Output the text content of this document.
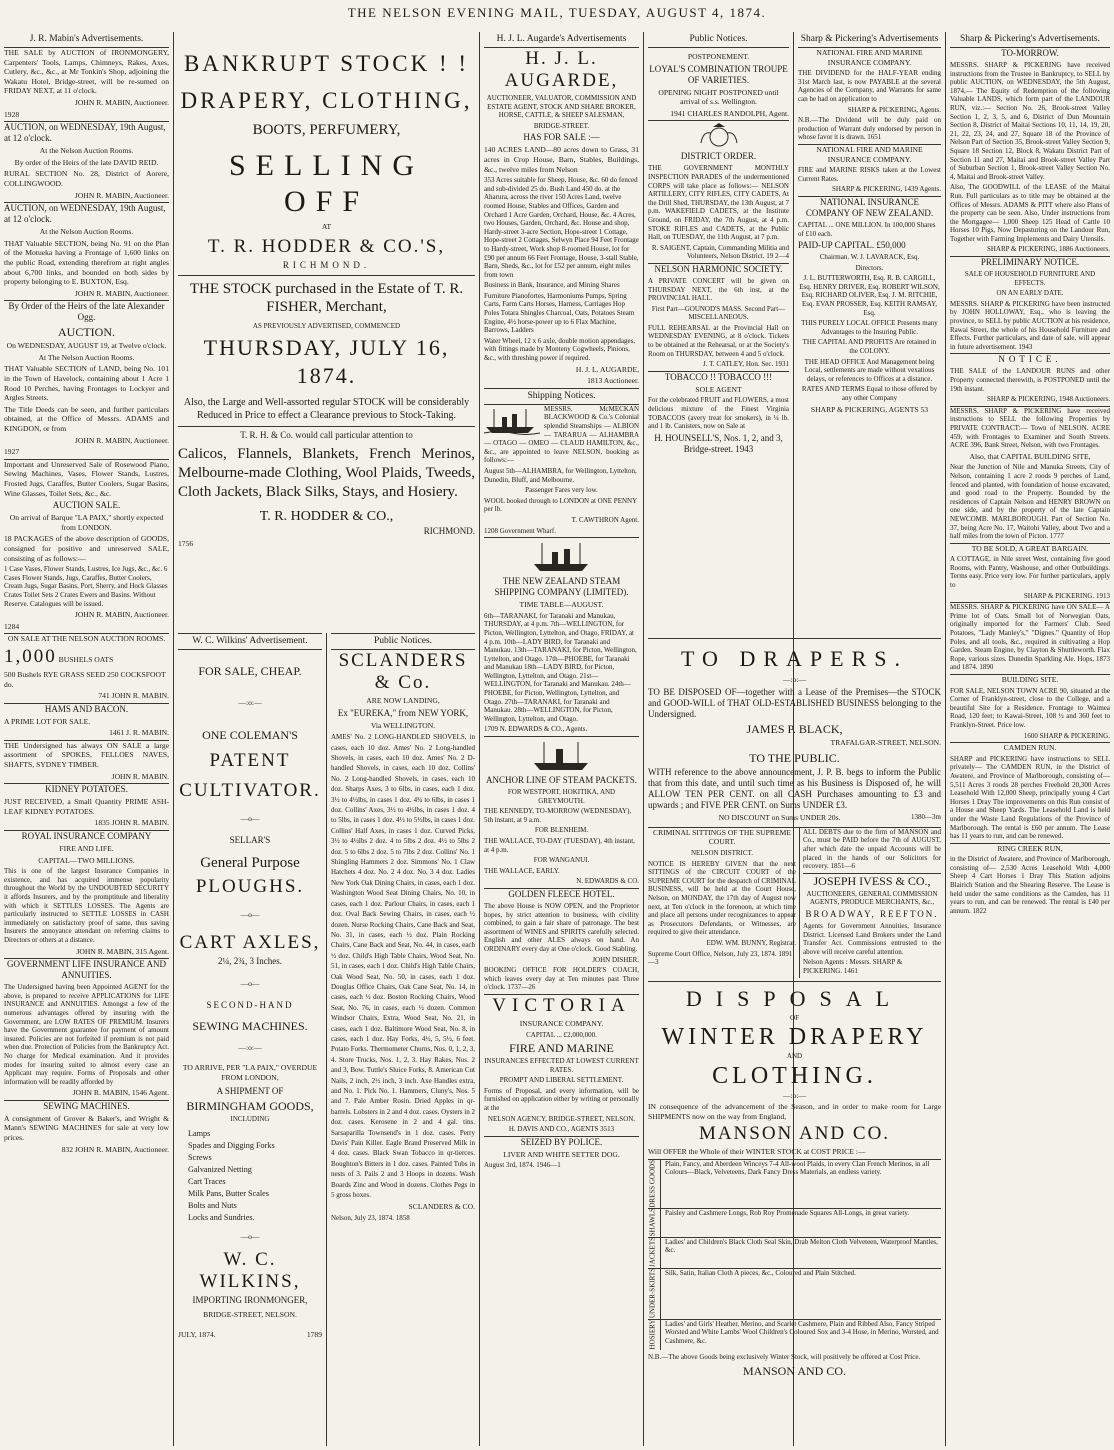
THE NELSON EVENING MAIL, TUESDAY, AUGUST 4, 1874.
J. R. Mabin's Advertisements.

THE SALE by AUCTION of IRONMONGERY, Carpenters' Tools, Lamps, Chimneys, Rakes, Axes, Cutlery, &c., &c., at Mr Tonkin's Shop, adjoining the Wakatu Hotel, Bridge-street, will be re-sumed on FRIDAY NEXT, at 11 o'clock.

JOHN R. MABIN, Auctioneer.

1928

AUCTION, on WEDNESDAY, 19th August, at 12 o'clock.

At the Nelson Auction Rooms.

By order of the Heirs of the late DAVID REID.

RURAL SECTION No. 28, District of Aorere, COLLINGWOOD.

JOHN R. MABIN, Auctioneer.

AUCTION, on WEDNESDAY, 19th August, at 12 o'clock.

At the Nelson Auction Rooms.

THAT Valuable SECTION, being No. 91 on the Plan of the Motueka having a Frontage of 1,600 links on the public Road, extending therefrom at right angles about 6,700 links, and bounded on both sides by property belonging to E. BUXTON, Esq.

JOHN R. MABIN, Auctioneer.

By Order of the Heirs of the late Alexander Ogg.

AUCTION.

On WEDNESDAY, AUGUST 19, at Twelve o'clock.

At The Nelson Auction Rooms.

THAT Valuable SECTION of LAND, being No. 101 in the Town of Havelock, containing about 1 Acre 1 Rood 10 Perches, having Frontages to Lockyer and Argles Streets.

The Title Deeds can be seen, and further particulars obtained, at the Office of Messrs. ADAMS and KINGDON, or from

JOHN R. MABIN, Auctioneer.

1927

Important and Unreserved Sale of Rosewood Piano, Sewing Machines, Vases, Flower Stands, Lustres, Frosted Jugs, Caraffes, Butter Coolers, Sugar Basins, Wine Glasses, Toilet Sets, &c., &c.

AUCTION SALE.

On arrival of Barque "LA PAIX," shortly expected from LONDON.

18 PACKAGES of the above description of GOODS, consigned for positive and unreserved SALE, consisting of as follows:—

1 Case Vases, Flower Stands, Lustres, Ice Jugs, &c., &c. 6 Cases Flower Stands, Jugs, Caraffes, Butter Coolers, Cream Jugs, Sugar Basins, Port, Sherry, and Hock Glasses Crates Toilet Sets 2 Crates Ewers and Basins. Without Reserve. Catalogues will be issued.

JOHN R. MABIN, Auctioneer.

1284

ON SALE AT THE NELSON AUCTION ROOMS.

1,000 BUSHELS OATS

500 Bushels RYE GRASS SEED 250 COCKSFOOT do.

741 JOHN R. MABIN.

HAMS AND BACON.

A PRIME LOT FOR SALE.

1461 J. R. MABIN.

THE Undersigned has always ON SALE a large assortment of SPOKES, FELLOES NAVES, SHAFTS, SYDNEY TIMBER.

JOHN R. MABIN.

KIDNEY POTATOES.

JUST RECEIVED, a Small Quantity PRIME ASH-LEAF KIDNEY POTATOES.

1835 JOHN R. MABIN.

ROYAL INSURANCE COMPANY

FIRE AND LIFE.

CAPITAL—TWO MILLIONS.

This is one of the largest Insurance Companies in existence, and has acquired immense popularity throughout the World by the UNDOUBTED SECURITY it affords Insurers, and by the promptitude and liberality with which it SETTLES LOSSES. The Agents are particularly instructed to SETTLE LOSSES in CASH immediately on satisfactory proof of same, thus saving Insurers the annoyance attendant on referring claims to Directors or others at a distance.

JOHN R. MABIN, 315 Agent.

GOVERNMENT LIFE INSURANCE AND ANNUITIES.

The Undersigned having been Appointed AGENT for the above, is prepared to receive APPLICATIONS for LIFE INSURANCE and ANNUITIES. Amongst a few of the numerous advantages offered by insuring with the Government, are LOW RATES OF PREMIUM. Insurers have the Government guarantee for payment of amount insured. Policies are not forfeited if premium is not paid when due. Protection of Policies from the Bankruptcy Act. No charge for Medical examination. And it provides modes for insuring suited to almost every case an Applicant may require. Forms of Proposals and other information will be readily afforded by

JOHN R. MABIN, 1546 Agent.

SEWING MACHINES.

A consignment of Grover & Baker's, and Wright & Mann's SEWING MACHINES for sale at very low prices.

832 JOHN R. MABIN, Auctioneer.

BANKRUPT STOCK ! !

DRAPERY, CLOTHING,

BOOTS, PERFUMERY,

SELLING OFF

AT

T. R. HODDER & CO.'S,

RICHMOND.

THE STOCK purchased in the Estate of T. R. FISHER, Merchant,

AS PREVIOUSLY ADVERTISED, COMMENCED

THURSDAY, JULY 16, 1874.

Also, the Large and Well-assorted regular STOCK will be considerably Reduced in Price to effect a Clearance previous to Stock-Taking.

T. R. H. & Co. would call particular attention to

Calicos, Flannels, Blankets, French Merinos, Melbourne-made Clothing, Wool Plaids, Tweeds, Cloth Jackets, Black Silks, Stays, and Hosiery.

T. R. HODDER & CO.,

RICHMOND.

1756

W. C. Wilkins' Advertisement.

FOR SALE, CHEAP.

—:o:—

ONE COLEMAN'S

PATENT

CULTIVATOR.

—o—

SELLAR'S

General Purpose

PLOUGHS.

—o—

CART AXLES,

2¼, 2¾, 3 Inches.

—o—

SECOND-HAND

SEWING MACHINES.

—:o:—

TO ARRIVE, PER "LA PAIX," OVERDUE FROM LONDON,

A SHIPMENT OF

BIRMINGHAM GOODS,

INCLUDING

Lamps
Spades and Digging Forks
Screws
Galvanized Netting
Cart Traces
Milk Pans, Butter Scales
Bolts and Nuts
Locks and Sundries.

—o—

W. C. WILKINS,

IMPORTING IRONMONGER,

BRIDGE-STREET, NELSON.

JULY, 1874.	1789

Public Notices.

SCLANDERS & Co.

ARE NOW LANDING,

Ex "EUREKA," from NEW YORK,

Via WELLINGTON.

AMES' No. 2 LONG-HANDLED SHOVELS, in cases, each 10 doz. Ames' No. 2 Long-handled Shovels, in cases, each 10 doz. Ames' No. 2 D-handled Shovels, in cases, each 10 doz. Collins' No. 2 Long-handled Shovels, in cases, each 10 doz. Sharps Axes, 3 to 6lbs, in cases, each 1 doz. 3½ to 4½lbs, in cases 1 doz. 4¾ to 6lbs, in cases 1 doz. Collins' Axes, 3½ to 4½lbs, in cases 1 doz. 4 to 5lbs, in cases 1 doz. 4½ to 5½lbs, in cases 1 doz. Collins' Half Axes, in cases 1 doz. Curved Picks, 3½ to 4½lbs 2 doz. 4 to 5lbs 2 doz. 4½ to 5lbs 2 doz. 5 to 6lbs 2 doz. 5 to 7lbs 2 doz. Collins' No. 1 Shingling Hammers 2 doz. Simmons' No. 1 Claw Hatchets 4 doz. No. 2 4 doz. No. 3 4 doz. Ladies New York Oak Dining Chairs, in cases, each 1 doz. Washington Wood Seat Dining Chairs, No. 10, in cases, each 1 doz. Parlour Chairs, in cases, each 1 doz. Oval Back Sewing Chairs, in cases, each ½ dozen. Nurse Rocking Chairs, Cane Back and Seat, No. 31, in cases, each ½ doz. Plain Rocking Chairs, Cane Back and Seat, No. 44, in cases, each ½ doz. Child's High Table Chairs, Wood Seat, No. 51, in cases, each 1 doz. Child's High Table Chairs, Oak Wood Seat, No. 50, in cases, each 1 doz. Douglas Office Chairs, Oak Cane Seat, No. 14, in cases, each ½ doz. Boston Rocking Chairs, Wood Seat, No. 76, in cases, each ½ dozen. Common Windsor Chairs, Extra, Wood Seat, No. 21, in cases, each 1 doz. Baltimore Wood Seat, No. 8, in cases, each 1 doz. Hay Forks, 4½, 5, 5½, 6 feet. Potato Forks. Thermometer Churns, Nos. 0, 1, 2, 3, 4. Store Trucks, Nos. 1, 2, 3. Hay Rakes, Nos. 2 and 3, Bow. Tuttle's Sluice Forks, 8. American Cut Nails, 2 inch, 2½ inch, 3 inch. Axe Handles extra, and No. 1. Pick No. 1. Hammers, Cluny's, Nos. 5 and 7. Pale Amber Rosin. Dried Apples in qr-barrels. Lobsters in 2 and 4 doz. cases. Oysters in 2 doz. cases. Kerosene in 2 and 4 gal. tins. Sarsaparilla Townsend's in 1 doz. cases. Perry Davis' Pain Killer. Eagle Brand Preserved Milk in 4 doz. cases. Black Swan Tobacco in qr-tierces. Boughton's Bitters in 1 doz. cases. Painted Tubs in nests of 3. Pails 2 and 3 Hoops in dozens. Wash Boards Zinc and Wood in dozens. Clothes Pegs in 5 gross boxes.

SCLANDERS & CO.

Nelson, July 23, 1874. 1858

H. J. L. Augarde's Advertisements

H. J. L. AUGARDE,

AUCTIONEER, VALUATOR, COMMISSION AND ESTATE AGENT, STOCK AND SHARE BROKER, HORSE, CATTLE, & SHEEP SALESMAN,

BRIDGE-STREET.

HAS FOR SALE :—

140 ACRES LAND—80 acres down to Grass, 31 acres in Crop House, Barn, Stables, Buildings, &c., twelve miles from Nelson

353 Acres suitable for Sheep, House, &c. 60 do fenced and sub-divided 25 do. Bush Land 450 do. at the Aharura, across the river 150 Acres Land, twelve roomed House, Stables and Offices, Garden and Orchard 1 Acre Garden, Orchard, House, &c. 4 Acres, two Houses, Garden, Orchard, &c. House and shop, Hardy-street 3-acre Section, Hope-street 1 Cottage, Hope-street 2 Cottages, Selwyn Place 94 Feet Frontage to Hardy-street, Work shop 8-roomed House, lot for £90 per annum 66 Feet Frontage, House, 3-stall Stable, Barn, Sheds, &c., lot for £52 per annum, eight miles from town

Business in Bank, Insurance, and Mining Shares

Furniture Pianofortes, Harmoniums Pumps, Spring Carts, Farm Carts Horses, Harness, Carriages Hop Poles Totara Shingles Charcoal, Oats, Potatoes Steam Engine, 4½ horse-power up to 6 Flax Machine, Barrows, Ladders

Water Wheel, 12 x 6 axle, double motion appendages, with fittings made by Monteny Cogwheels, Pinions, &c., with threshing power if required.

H. J. L. AUGARDE,

1813 Auctioneer.

Shipping Notices.

MESSRS. McMECKAN BLACKWOOD & Co.'s Colonial splendid Steamships — ALBION — TARARUA — ALHAMBRA — OTAGO — OMEO — CLAUD HAMILTON, &c., &c., are appointed to leave NELSON, booking as follows:—

August 5th—ALHAMBRA, for Wellington, Lyttelton, Dunedin, Bluff, and Melbourne.

Passenger Fares very low.

WOOL booked through to LONDON at ONE PENNY per lb.

T. CAWTHRON Agent.

1208 Government Wharf.

THE NEW ZEALAND STEAM SHIPPING COMPANY (LIMITED).

TIME TABLE—AUGUST.

6th—TARANAKI, for Taranaki and Manukau, THURSDAY, at 4 p.m. 7th—WELLINGTON, for Picton, Wellington, Lyttelton, and Otago, FRIDAY, at 4 p.m. 10th—LADY BIRD, for Taranaki and Manukau. 13th—TARANAKI, for Picton, Wellington, Lyttelton, and Otago. 17th—PHOEBE, for Taranaki and Manukau 18th—LADY BIRD, for Picton, Wellington, Lyttelton, and Otago. 21st—WELLINGTON, for Taranaki and Manukau. 24th—PHOEBE, for Picton, Wellington, Lyttelton, and Otago. 27th—TARANAKI, for Taranaki and Manukau. 28th—WELLINGTON, for Picton, Wellington, Lyttelton, and Otago.

1709 N. EDWARDS & CO., Agents.

ANCHOR LINE OF STEAM PACKETS.

FOR WESTPORT, HOKITIKA, AND GREYMOUTH.

THE KENNEDY, TO-MORROW (WEDNESDAY), 5th instant, at 9 a.m.

FOR BLENHEIM.

THE WALLACE, TO-DAY (TUESDAY), 4th instant, at 4 p.m.

FOR WANGANUI.

THE WALLACE, EARLY.

N. EDWARDS & CO.

GOLDEN FLEECE HOTEL.

The above House is NOW OPEN, and the Proprietor hopes, by strict attention to business, with civility combined, to gain a fair share of patronage. The best assortment of WINES and SPIRITS carefully selected. English and other ALES always on hand. An ORDINARY every day at One o'clock. Good Stabling.

JOHN DISHER.

BOOKING OFFICE FOR HOLDER'S COACH, which leaves every day at Ten minutes past Three o'clock. 1737—26

VICTORIA

INSURANCE COMPANY.

CAPITAL ... £2,000,000.

FIRE AND MARINE

INSURANCES EFFECTED AT LOWEST CURRENT RATES.

PROMPT AND LIBERAL SETTLEMENT.

Forms of Proposal, and every information, will be furnished on application either by writing or personally at the

NELSON AGENCY, BRIDGE-STREET, NELSON.

H. DAVIS AND CO., AGENTS 3513

SEIZED BY POLICE.

LIVER AND WHITE SETTER DOG.

August 3rd, 1874. 1946—1

Public Notices.

POSTPONEMENT.

LOYAL'S COMBINATION TROUPE OF VARIETIES.

OPENING NIGHT POSTPONED until arrival of s.s. Wellington.

1941 CHARLES RANDOLPH, Agent.

DISTRICT ORDER.

THE GOVERNMENT MONTHLY INSPECTION PARADES of the undermentioned CORPS will take place as follows:— NELSON ARTILLERY, CITY RIFLES, CITY CADETS, At the Drill Shed, THURSDAY, the 13th August, at 7 p.m. WAKEFIELD CADETS, at the Institute Ground, on FRIDAY, the 7th August, at 4 p.m. STOKE RIFLES and CADETS, at the Public Hall, on TUESDAY, the 11th August, at 7 p.m.

R. SAIGENT, Captain, Commanding Militia and Volunteers, Nelson District. 19 2—4

NELSON HARMONIC SOCIETY.

A PRIVATE CONCERT will be given on THURSDAY NEXT, the 6th inst, at the PROVINCIAL HALL.

First Part—GOUNOD'S MASS. Second Part—MISCELLANEOUS.

FULL REHEARSAL at the Provincial Hall on WEDNESDAY EVENING, at 8 o'clock. Tickets to be obtained at the Rehearsal, or at the Society's Room on THURSDAY, between 4 and 5 o'clock.

J. T. CATLEY, Hon. Sec. 1931

TOBACCO !! TOBACCO !!!

SOLE AGENT

For the celebrated FRUIT and FLOWERS, a most delicious mixture of the Finest Virginia TOBACCOS (avery treat for smokers), in ¼ lb. and 1 lb. Canisters, now on Sale at

H. HOUNSELL'S, Nos. 1, 2, and 3, Bridge-street. 1943

Sharp & Pickering's Advertisements

NATIONAL FIRE AND MARINE INSURANCE COMPANY.

THE DIVIDEND for the HALF-YEAR ending 31st March last, is now PAYABLE at the several Agencies of the Company, and Warrants for same can be had on application to

SHARP & PICKERING, Agents.

N.B.—The Dividend will be duly paid on production of Warrant duly endorsed by person in whose favor it is drawn. 1651

NATIONAL FIRE AND MARINE INSURANCE COMPANY.

FIRE and MARINE RISKS taken at the Lowest Current Rates.

SHARP & PICKERING, 1439 Agents.

NATIONAL INSURANCE COMPANY OF NEW ZEALAND.

CAPITAL ... ONE MILLION. In 100,000 Shares of £10 each.

PAID-UP CAPITAL. £50,000

Chairman. W. J. LAVARACK, Esq.

Directors.

J. L. BUTTERWORTH, Esq. R. B. CARGILL, Esq. HENRY DRIVER, Esq. ROBERT WILSON, Esq. RICHARD OLIVER, Esq. J. M. RITCHIE, Esq. EVAN PROSSER, Esq. KEITH RAMSAY, Esq.

THIS PURELY LOCAL OFFICE Presents many Advantages to the Insuring Public.

THE CAPITAL AND PROFITS Are retained in the COLONY.

THE HEAD OFFICE And Management being Local, settlements are made without vexatious delays, or references to Offices at a distance.

RATES AND TERMS Equal to those offered by any other Company

SHARP & PICKERING, AGENTS 53

Sharp & Pickering's Advertisements.

TO-MORROW.

MESSRS. SHARP & PICKERING have received instructions from the Trustee in Bankruptcy, to SELL by public AUCTION, on WEDNESDAY, the 5th August, 1874,— The Equity of Redemption of the following Valuable LANDS, which form part of the LANDOUR RUN, viz.:— Section No. 26, Brook-street Valley Section 1, 2, 3, 5, and 6, District of Dun Mountain Section 8, District of Maitai Sections 10, 11, 14, 19, 20, 21, 22, 23, 24, and 27, Square 18 of the Province of Nelson Part of Section 35, Brook-street Valley Section 9, Square 18 Section 12, Block 8, Wakatu District Part of Section 11 and 27, Maitai and Brook-street Valley Part of Suburban Section 1, Brook-street Valley Section No. 4, Maitai and Brook-street Valley.

Also, The GOODWILL of the LEASE of the Maitai Run. Full particulars as to title may be obtained at the Offices of Messrs. ADAMS & PITT where also Plans of the property can be seen. Also, Under instructions from the Mortgagee— 1,000 Sheep 125 Head of Cattle 10 Horses 10 Pigs, Now Depasturing on the Landour Run, Together with Farming Implements and Dairy Utensils.

SHARP & PICKERING, 1886 Auctioneers.

PRELIMINARY NOTICE.

SALE OF HOUSEHOLD FURNITURE AND EFFECTS.

ON AN EARLY DATE.

MESSRS. SHARP & PICKERING have been instructed by JOHN HOLLOWAY, Esq., who is leaving the province, to SELL by public AUCTION at his residence, Rawai Street, the whole of his Household Furniture and Effects. Further particulars, and date of sale, will appear in future advertisement. 1943

NOTICE.

THE SALE of the LANDOUR RUNS and other Property connected therewith, is POSTPONED until the 19th instant.

SHARP & PICKERING, 1948 Auctioneers.

MESSRS. SHARP & PICKERING have received instructions to SELL the following Properties by PRIVATE CONTRACT:— Town of NELSON. ACRE 459, with Frontages to Examiner and South Streets. ACRE 396, Bank Street, Nelson, with two Frontages.

Also, that CAPITAL BUILDING SITE,

Near the Junction of Nile and Manuka Streets, City of Nelson, containing 1 acre 2 roods 9 perches of Land, fenced and planted, with foundation of house excavated, and good road to the Property. Bounded by the residences of Captain Nelson and HENRY BROWN on one side, and by the property of the late Captain NEWCOMB. MARLBOROUGH. Part of Section No. 37, being Acre No. 17, Waitohi Valley, about Two and a half miles from the town of Picton. 1777

TO BE SOLD, A GREAT BARGAIN.

A COTTAGE, in Nile street West, containing five good Rooms, with Pantry, Washouse, and other Outbuildings. Terms easy. Price very low. For further particulars, apply to

SHARP & PICKERING. 1913

MESSRS. SHARP & PICKERING have ON SALE— A Prime lot of Oats. Small lot of Norwegian Oats, originally imported for the Farmers' Club. Seed Potatoes, "Lady Manley's," "Dignes." Quantity of Hop Poles, and all tools, &c., required in cultivating a Hop Garden. Steam Engine, by Clayton & Shuttleworth. Flax Rope, various sizes. Dunedin Sparkling Ale. Hops, 1873 and 1874. 1890

BUILDING SITE.

FOR SALE, NELSON TOWN ACRE 90, situated at the Corner of Franklyn-street, close to the College, and a beautiful Site for a Residence. Frontage to Waimea Road, 120 feet; to Kawai-Street, 108 ½ and 360 feet to Franklyn-Street. Price low.

1600 SHARP & PICKERING.

CAMDEN RUN.

SHARP and PICKERING have instructions to SELL privately— The CAMDEN RUN, in the District of Awatere, and Province of Marlborough, consisting of— 5,511 Acres 3 roods 28 perches Freehold 20,300 Acres Leasehold With 12,000 Sheep, principally young 4 Cart Horses 1 Dray The improvements on this Run consist of a House and Sheep Yards. The Leasehold Land is held under the Waste Land Regulations of the Province of Marlborough. The rental is £60 per annum. The Lease has 11 years to run, and can be renewed.

RING CREEK RUN,

in the District of Awatere, and Province of Marlborough, consisting of— 2,530 Acres Leasehold With 4,000 Sheep 4 Cart Horses 1 Dray This Station adjoins Blairich Station and the Shearing Reserve. The Lease is held under the same conditions as the Camden, has 11 years to run, and can be renewed. The rental is £40 per annum. 1822

TO DRAPERS.

—:o:—

TO BE DISPOSED OF—together with a Lease of the Premises—the STOCK and GOOD-WILL of THAT OLD-ESTABLISHED BUSINESS belonging to the Undersigned.

JAMES P. BLACK,

TRAFALGAR-STREET, NELSON.

TO THE PUBLIC.

WITH reference to the above announcement, J. P. B. begs to inform the Public that from this date, and until such time as his Business is Disposed of, he will ALLOW TEN PER CENT. on all CASH Purchases amounting to £3 and upwards ; and FIVE PER CENT. on Sums UNDER £3.

NO DISCOUNT on Sums UNDER 20s.	1380—3m

CRIMINAL SITTINGS OF THE SUPREME COURT.

NELSON DISTRICT.

NOTICE IS HEREBY GIVEN that the next SITTINGS of the CIRCUIT COURT of the SUPREME COURT for the despatch of CRIMINAL BUSINESS, will be held at the Court House, Nelson, on MONDAY, the 17th day of August now next, at Ten o'clock in the forenoon, at which time and place all persons under recognizances to appear as Prosecutors Defendants, or Witnesses, are required to give their attendance.

EDW. WM. BUNNY, Registrar.

Supreme Court Office, Nelson, July 23, 1874. 1891—3

ALL DEBTS due to the firm of MANSON and Co., must be PAID before the 7th of AUGUST, after which date the unpaid Accounts will be placed in the hands of our Solicitors for recovery. 1851—6

JOSEPH IVESS & CO.,

AUCTIONEERS, GENERAL COMMISSION AGENTS, PRODUCE MERCHANTS, &c.,

BROADWAY, REEFTON.

Agents for Government Annuities, Insurance District. Licensed Land Brokers under the Land Transfer Act. Commissions entrusted to the above will receive careful attention.

Nelson Agents : Messrs. SHARP & PICKERING. 1461

DISPOSAL

OF

WINTER DRAPERY

AND

CLOTHING.

—:o:—

IN consequence of the advancement of the Season, and in order to make room for Large SHIPMENTS now on the way from England,

MANSON AND CO.

Will OFFER the Whole of their WINTER STOCK at COST PRICE :—

DRESS GOODS	Plain, Fancy, and Aberdeen Winceys 7-4 All-wool Plaids, in every Clan French Merinos, in all Colours—Black, Velveteens, Dark Fancy Dress Materials, an endless variety.
SHAWLS	Paisley and Cashmere Longs, Rob Roy Promenade Squares All-Longs, in great variety.
JACKETS	Ladies' and Children's Black Cloth Seal Skin, Drab Melton Cloth Velveteen, Waterproof Mantles, &c.
UNDER-SKIRTS	Silk, Satin, Italian Cloth A pieces, &c., Coloured and Plain Stitched.
HOSIERY	Ladies' and Girls' Heather, Merino, and Scarlet Cashmere, Plain and Ribbed Also, Fancy Striped Worsted and White Lambs' Wool Children's Coloured Sox and 3-4 Hose, in Merino, Worsted, and Cashmere, &c.

N.B.—The above Goods being exclusively Winter Stock, will positively be offered at Cost Price.

MANSON AND CO.
